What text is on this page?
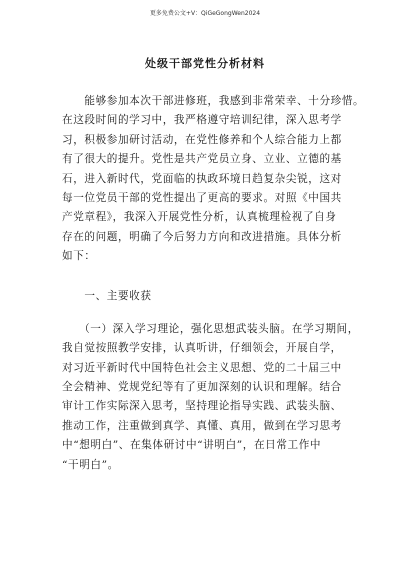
更多免费公文+V：QiGeGongWen2024
处级干部党性分析材料
　　能够参加本次干部进修班，我感到非常荣幸、十分珍惜。
在这段时间的学习中，我严格遵守培训纪律，深入思考学
习，积极参加研讨活动，在党性修养和个人综合能力上都
有了很大的提升。党性是共产党员立身、立业、立德的基
石，进入新时代，党面临的执政环境日趋复杂尖锐，这对
每一位党员干部的党性提出了更高的要求。对照《中国共
产党章程》，我深入开展党性分析，认真梳理检视了自身
存在的问题，明确了今后努力方向和改进措施。具体分析
如下：
　　一、主要收获
　　（一）深入学习理论，强化思想武装头脑。在学习期间，
我自觉按照教学安排，认真听讲，仔细领会，开展自学，
对习近平新时代中国特色社会主义思想、党的二十届三中
全会精神、党规党纪等有了更加深刻的认识和理解。结合
审计工作实际深入思考，坚持理论指导实践、武装头脑、
推动工作，注重做到真学、真懂、真用，做到在学习思考
中“想明白”、在集体研讨中“讲明白”，在日常工作中
“干明白”。
